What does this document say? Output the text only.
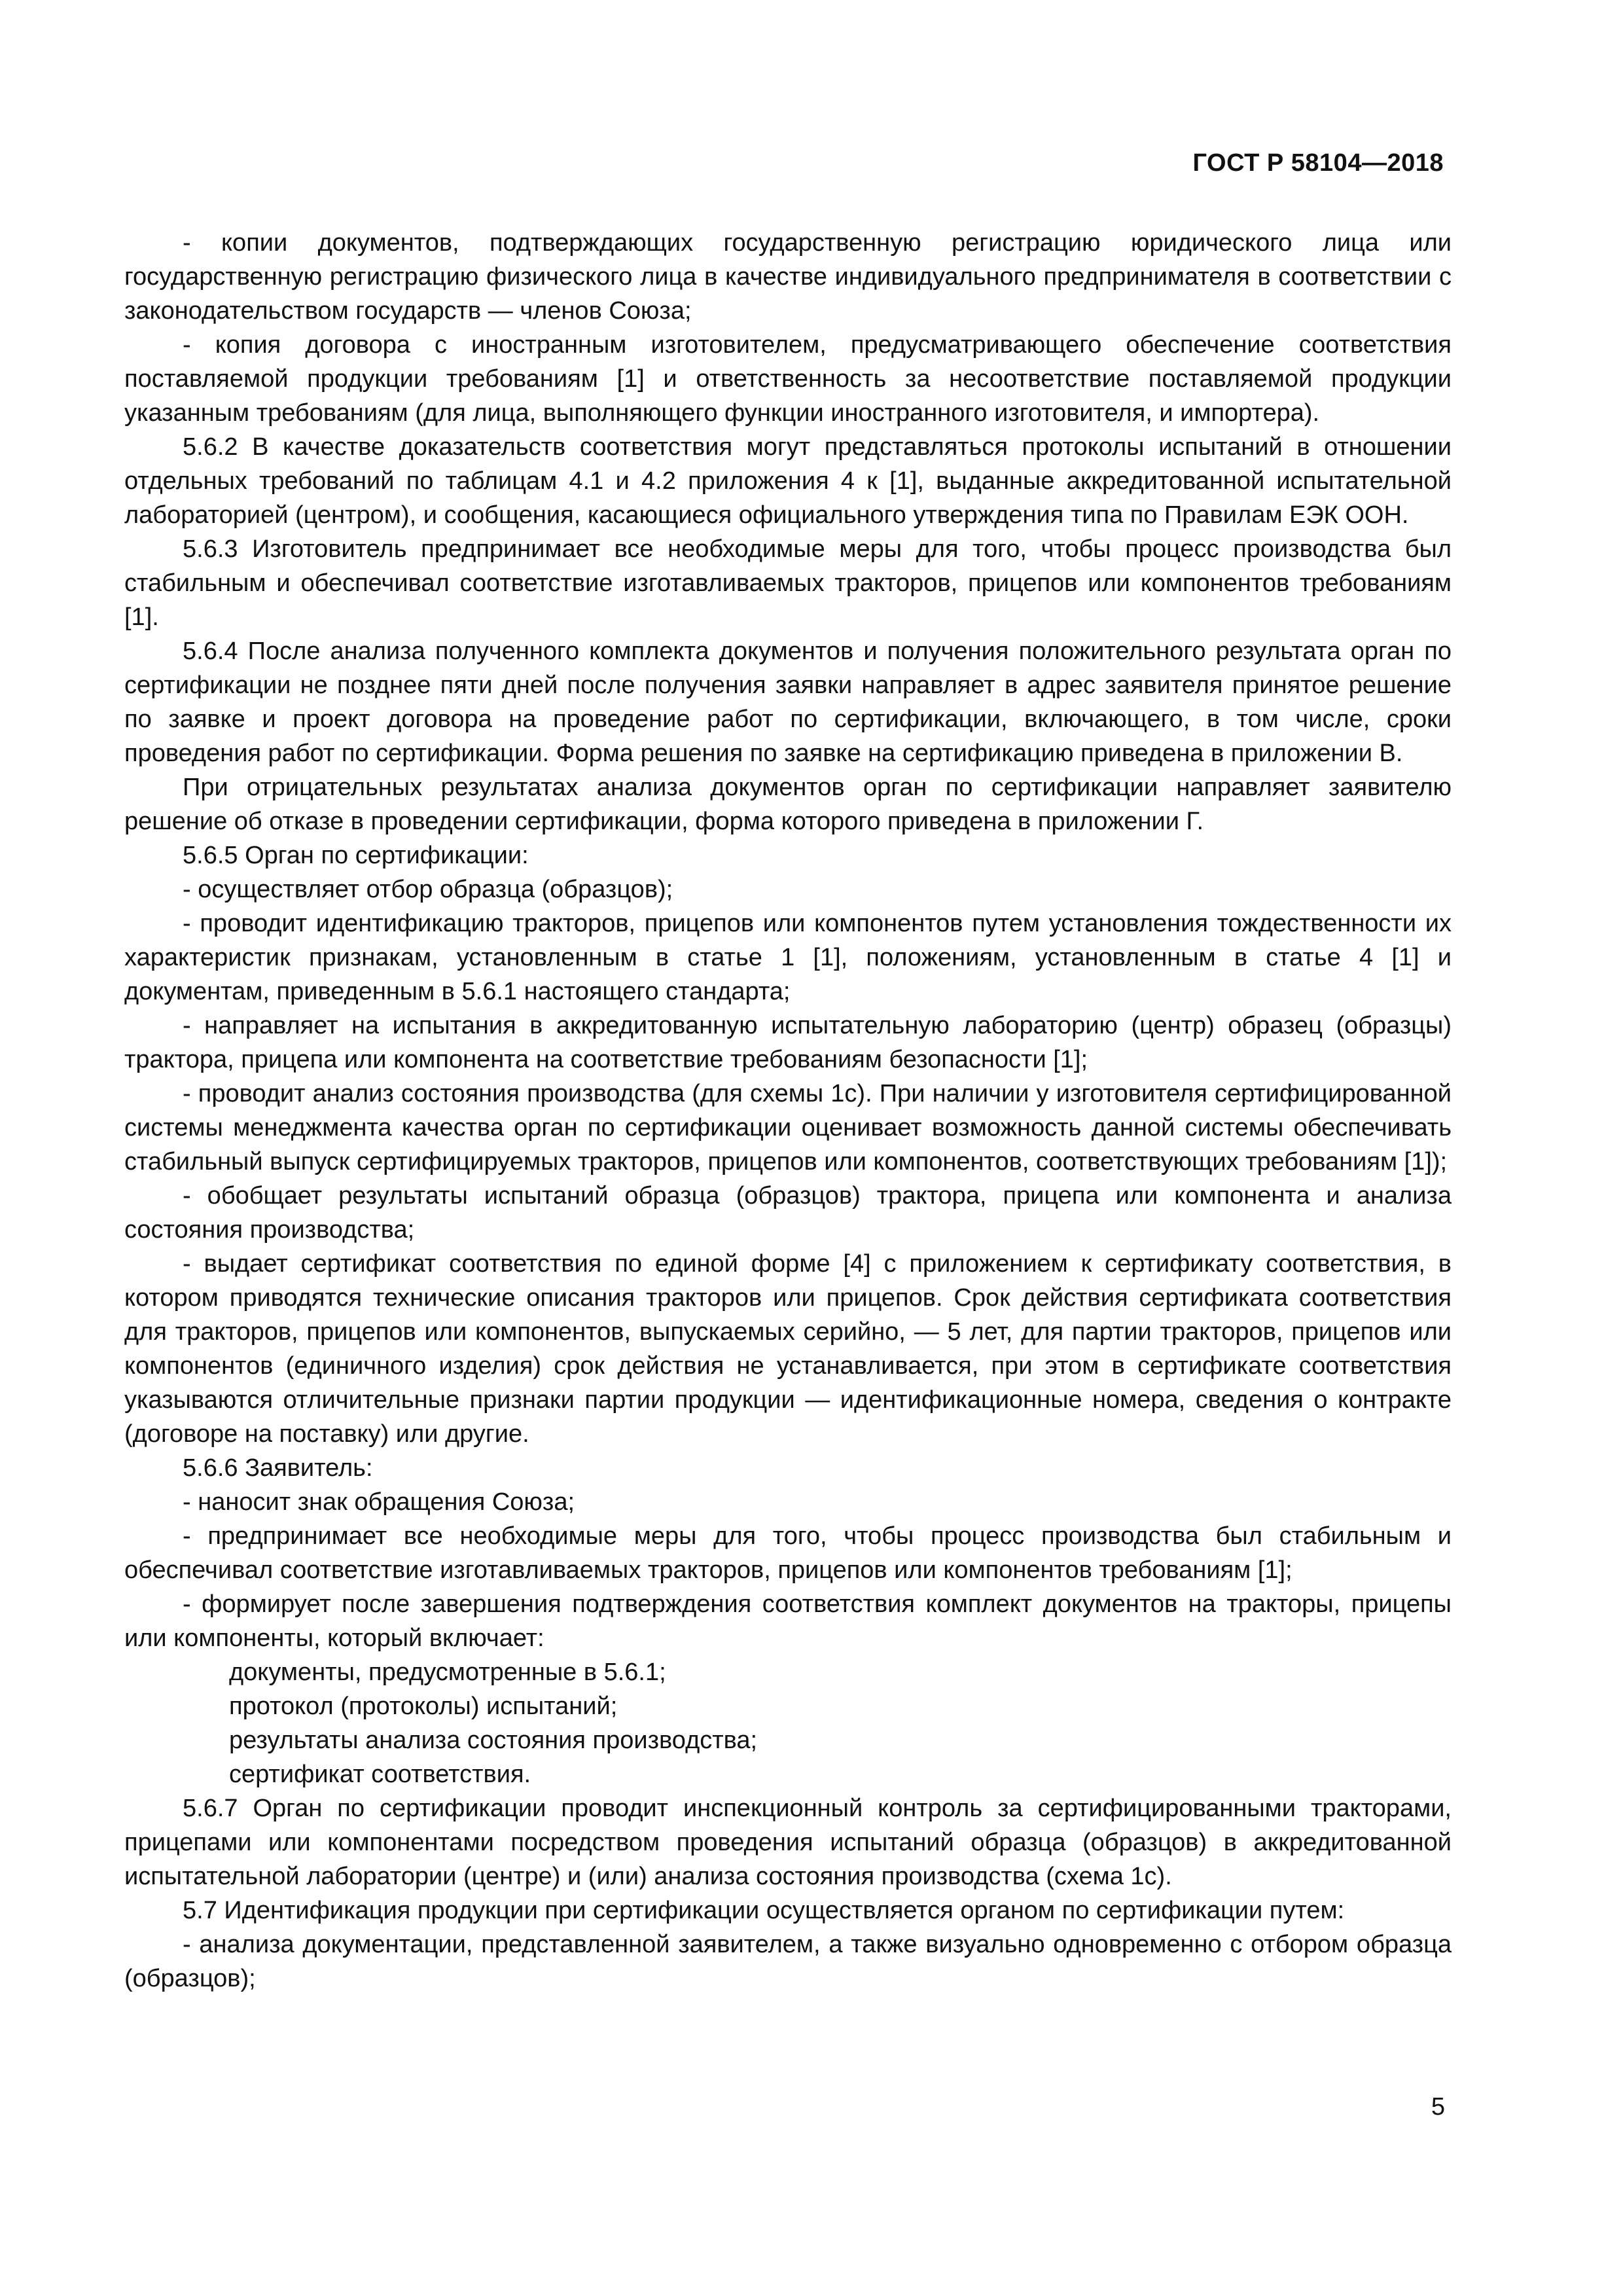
ГОСТ Р 58104—2018

- копии документов, подтверждающих государственную регистрацию юридического лица или государственную регистрацию физического лица в качестве индивидуального предпринимателя в соответствии с законодательством государств — членов Союза;

- копия договора с иностранным изготовителем, предусматривающего обеспечение соответствия поставляемой продукции требованиям [1] и ответственность за несоответствие поставляемой продукции указанным требованиям (для лица, выполняющего функции иностранного изготовителя, и импортера).

5.6.2 В качестве доказательств соответствия могут представляться протоколы испытаний в отношении отдельных требований по таблицам 4.1 и 4.2 приложения 4 к [1], выданные аккредитованной испытательной лабораторией (центром), и сообщения, касающиеся официального утверждения типа по Правилам ЕЭК ООН.

5.6.3 Изготовитель предпринимает все необходимые меры для того, чтобы процесс производства был стабильным и обеспечивал соответствие изготавливаемых тракторов, прицепов или компонентов требованиям [1].

5.6.4 После анализа полученного комплекта документов и получения положительного результата орган по сертификации не позднее пяти дней после получения заявки направляет в адрес заявителя принятое решение по заявке и проект договора на проведение работ по сертификации, включающего, в том числе, сроки проведения работ по сертификации. Форма решения по заявке на сертификацию приведена в приложении В.

При отрицательных результатах анализа документов орган по сертификации направляет заявителю решение об отказе в проведении сертификации, форма которого приведена в приложении Г.

5.6.5 Орган по сертификации:

- осуществляет отбор образца (образцов);

- проводит идентификацию тракторов, прицепов или компонентов путем установления тождественности их характеристик признакам, установленным в статье 1 [1], положениям, установленным в статье 4 [1] и документам, приведенным в 5.6.1 настоящего стандарта;

- направляет на испытания в аккредитованную испытательную лабораторию (центр) образец (образцы) трактора, прицепа или компонента на соответствие требованиям безопасности [1];

- проводит анализ состояния производства (для схемы 1с). При наличии у изготовителя сертифицированной системы менеджмента качества орган по сертификации оценивает возможность данной системы обеспечивать стабильный выпуск сертифицируемых тракторов, прицепов или компонентов, соответствующих требованиям [1]);

- обобщает результаты испытаний образца (образцов) трактора, прицепа или компонента и анализа состояния производства;

- выдает сертификат соответствия по единой форме [4] с приложением к сертификату соответствия, в котором приводятся технические описания тракторов или прицепов. Срок действия сертификата соответствия для тракторов, прицепов или компонентов, выпускаемых серийно, — 5 лет, для партии тракторов, прицепов или компонентов (единичного изделия) срок действия не устанавливается, при этом в сертификате соответствия указываются отличительные признаки партии продукции — идентификационные номера, сведения о контракте (договоре на поставку) или другие.

5.6.6 Заявитель:

- наносит знак обращения Союза;

- предпринимает все необходимые меры для того, чтобы процесс производства был стабильным и обеспечивал соответствие изготавливаемых тракторов, прицепов или компонентов требованиям [1];

- формирует после завершения подтверждения соответствия комплект документов на тракторы, прицепы или компоненты, который включает:

документы, предусмотренные в 5.6.1;

протокол (протоколы) испытаний;

результаты анализа состояния производства;

сертификат соответствия.

5.6.7 Орган по сертификации проводит инспекционный контроль за сертифицированными тракторами, прицепами или компонентами посредством проведения испытаний образца (образцов) в аккредитованной испытательной лаборатории (центре) и (или) анализа состояния производства (схема 1с).

5.7 Идентификация продукции при сертификации осуществляется органом по сертификации путем:

- анализа документации, представленной заявителем, а также визуально одновременно с отбором образца (образцов);

5
